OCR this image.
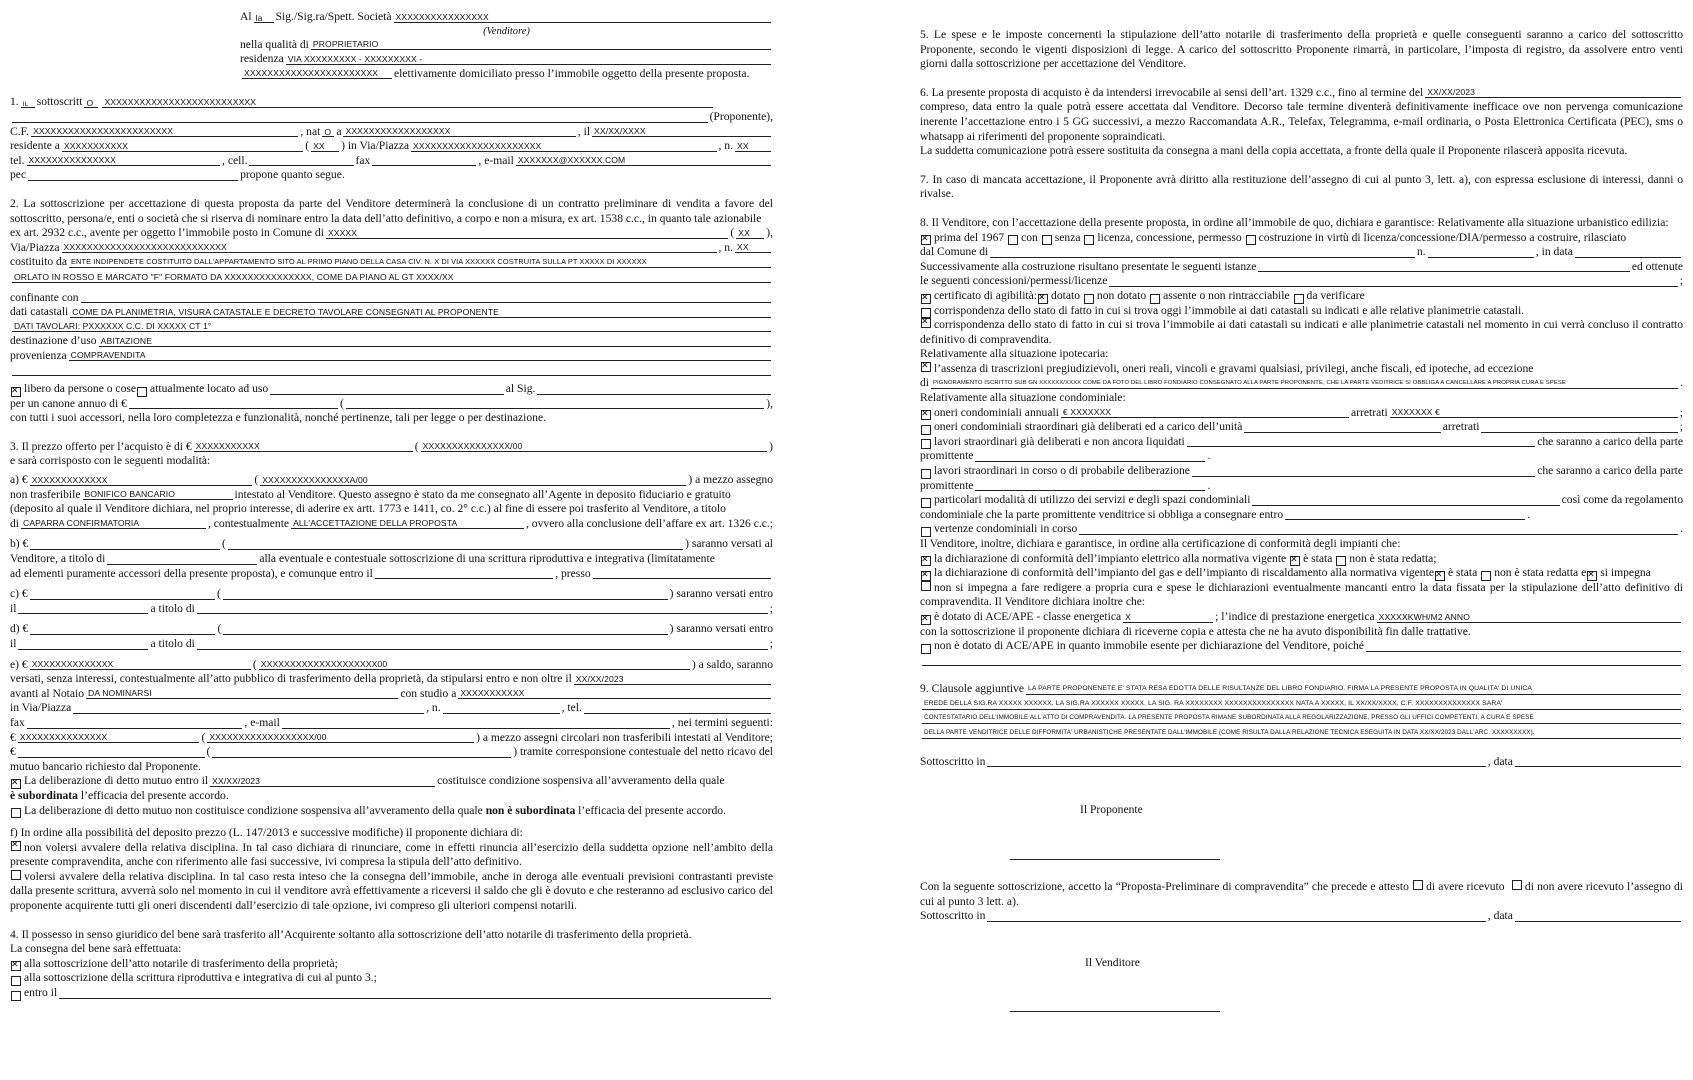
Al la	Sig./Sig.ra/Spett. Società XXXXXXXXXXXXXXXX
(Venditore)
nella qualità di PROPRIETARIO
residenza VIA XXXXXXXXX - XXXXXXXXX -
XXXXXXXXXXXXXXXXXXXXXXX elettivamente domiciliato presso l’immobile oggetto della presente proposta.
1. IL sottoscritt O	XXXXXXXXXXXXXXXXXXXXXXXXXX
(Proponente),
C.F. XXXXXXXXXXXXXXXXXXXXXXXX	, nat O a XXXXXXXXXXXXXXXXXX	, il XX/XX/XXXX
residente a XXXXXXXXXXX	( XX ) in Via/Piazza XXXXXXXXXXXXXXXXXXXXXX	, n. XX
tel. XXXXXXXXXXXXXXX	, cell.	fax	, e-mail XXXXXXX@XXXXXX.COM
pec	propone quanto segue.

2. La sottoscrizione per accettazione di questa proposta da parte del Venditore determinerà la conclusione di un contratto preliminare di vendita a favore del sottoscritto, persona/e, enti o società che si riserva di nominare entro la data dell’atto definitivo, a corpo e non a misura, ex art. 1538 c.c., in quanto tale azionabile

ex art. 2932 c.c., avente per oggetto l’immobile posto in Comune di XXXXX	( XX ),
Via/Piazza XXXXXXXXXXXXXXXXXXXXXXXXXXXX	, n. XX
costituito da ENTE INDIPENDETE COSTITUITO DALL’APPARTAMENTO SITO AL PRIMO PIANO DELLA CASA CIV. N. X DI VIA XXXXXX COSTRUITA SULLA PT XXXXX DI XXXXXX
ORLATO IN ROSSO E MARCATO "F" FORMATO DA XXXXXXXXXXXXXXX, COME DA PIANO AL GT XXXX/XX
confinante con
dati catastali COME DA PLANIMETRIA, VISURA CATASTALE E DECRETO TAVOLARE CONSEGNATI AL PROPONENTE
DATI TAVOLARI: PXXXXXX C.C. DI XXXXX CT 1°
destinazione d’uso ABITAZIONE
provenienza COMPRAVENDITA
✕
libero da persone o cose attualmente locato ad uso	al Sig.
per un canone annuo di €	(	),
con tutti i suoi accessori, nella loro completezza e funzionalità, nonché pertinenze, tali per legge o per destinazione.
3. Il prezzo offerto per l’acquisto è di € XXXXXXXXXXX	( XXXXXXXXXXXXXXX/00	)
e sarà corrisposto con le seguenti modalità:
a) € XXXXXXXXXXXXX	( XXXXXXXXXXXXXXXA/00	) a mezzo assegno
non trasferibile BONIFICO BANCARIO	intestato al Venditore. Questo assegno è stato da me consegnato all’Agente in deposito fiduciario e gratuito

(deposito al quale il Venditore dichiara, nel proprio interesse, di aderire ex artt. 1773 e 1411, co. 2° c.c.) al fine di essere poi trasferito al Venditore, a titolo

di CAPARRA CONFIRMATORIA	, contestualmente ALL’ACCETTAZIONE DELLA PROPOSTA	, ovvero alla conclusione dell’affare ex art. 1326 c.c.;
b) €	(	) saranno versati al
Venditore, a titolo di	alla eventuale e contestuale sottoscrizione di una scrittura riproduttiva e integrativa (limitatamente
ad elementi puramente accessori della presente proposta), e comunque entro il	, presso
c) €	(	) saranno versati entro
il	a titolo di	;
d) €	(	) saranno versati entro
il	a titolo di	;
e) € XXXXXXXXXXXXXX	( XXXXXXXXXXXXXXXXXXXX00	) a saldo, saranno
versati, senza interessi, contestualmente all’atto pubblico di trasferimento della proprietà, da stipularsi entro e non oltre il XX/XX/2023
avanti al Notaio DA NOMINARSI	con studio a XXXXXXXXXXX
in Via/Piazza	, n.	, tel.
fax	, e-mail	, nei termini seguenti:
€ XXXXXXXXXXXXXXX	( XXXXXXXXXXXXXXXXXX/00	) a mezzo assegni circolari non trasferibili intestati al Venditore;
€	(	) tramite corresponsione contestuale del netto ricavo del
mutuo bancario richiesto dal Proponente.
✕
La deliberazione di detto mutuo entro il XX/XX/2023	costituisce condizione sospensiva all’avveramento della quale
è subordinata
l’efficacia del presente accordo.
La deliberazione di detto mutuo non costituisce condizione sospensiva all’avveramento della quale
non è subordinata
l’efficacia del presente accordo.
f) In ordine alla possibilità del deposito prezzo (L. 147/2013 e successive modifiche) il proponente dichiara di:

✕non volersi avvalere della relativa disciplina. In tal caso dichiara di rinunciare, come in effetti rinuncia all’esercizio della suddetta opzione nell’ambito della presente compravendita, anche con riferimento alle fasi successive, ivi compresa la stipula dell’atto definitivo.

volersi avvalere della relativa disciplina. In tal caso resta inteso che la consegna dell’immobile, anche in deroga alle eventuali previsioni contrastanti previste dalla presente scrittura, avverrà solo nel momento in cui il venditore avrà effettivamente a riceversi il saldo che gli è dovuto e che resteranno ad esclusivo carico del proponente acquirente tutti gli oneri discendenti dall’esercizio di tale opzione, ivi compreso gli ulteriori compensi notarili.

4. Il possesso in senso giuridico del bene sarà trasferito all’Acquirente soltanto alla sottoscrizione dell’atto notarile di trasferimento della proprietà.

La consegna del bene sarà effettuata:
✕
alla sottoscrizione dell’atto notarile di trasferimento della proprietà;
alla sottoscrizione della scrittura riproduttiva e integrativa di cui al punto 3.;
entro il

5. Le spese e le imposte concernenti la stipulazione dell’atto notarile di trasferimento della proprietà e quelle conseguenti saranno a carico del sottoscritto Proponente, secondo le vigenti disposizioni di legge. A carico del sottoscritto Proponente rimarrà, in particolare, l’imposta di registro, da assolvere entro venti giorni dalla sottoscrizione per accettazione del Venditore.

6. La presente proposta di acquisto è da intendersi irrevocabile ai sensi dell’art. 1329 c.c., fino al termine del XX/XX/2023

compreso, data entro la quale potrà essere accettata dal Venditore. Decorso tale termine diventerà definitivamente inefficace ove non pervenga comunicazione inerente l’accettazione entro i 5 GG successivi, a mezzo Raccomandata A.R., Telefax, Telegramma, e-mail ordinaria, o Posta Elettronica Certificata (PEC), sms o whatsapp ai riferimenti del proponente sopraindicati.

La suddetta comunicazione potrà essere sostituita da consegna a mani della copia accettata, a fronte della quale il Proponente rilascerà apposita ricevuta.

7. In caso di mancata accettazione, il Proponente avrà diritto alla restituzione dell’assegno di cui al punto 3, lett. a), con espressa esclusione di interessi, danni o rivalse.

8. Il Venditore, con l’accettazione della presente proposta, in ordine all’immobile de quo, dichiara e garantisce: Relativamente alla situazione urbanistico edilizia:

✕
prima del 1967
con
senza
licenza, concessione, permesso
costruzione in virtù di licenza/concessione/DIA/permesso a costruire, rilasciato
dal Comune di	n.	, in data
Successivamente alla costruzione risultano presentate le seguenti istanze	ed ottenute
le seguenti concessioni/permessi/licenze	;
✕
certificato di agibilità: ✕ dotato
non dotato
assente o non rintracciabile
da verificare
corrispondenza dello stato di fatto in cui si trova oggi l’immobile ai dati catastali su indicati e alle relative planimetrie catastali.

✕corrispondenza dello stato di fatto in cui si trova l’immobile ai dati catastali su indicati e alle planimetrie catastali nel momento in cui verrà concluso il contratto definitivo di compravendita.

Relativamente alla situazione ipotecaria:

✕l’assenza di trascrizioni pregiudizievoli, oneri reali, vincoli e gravami qualsiasi, privilegi, anche fiscali, ed ipoteche, ad eccezione

di PIGNORAMENTO ISCRITTO SUB GN XXXXXX/XXXX COME DA FOTO DEL LIBRO FONDIARIO CONSEGNATO ALLA PARTE PROPONENTE, CHE LA PARTE VEDITRICE SI OBBLIGA A CANCELLARE A PROPRIA CURA E SPESE	.
Relativamente alla situazione condominiale:
✕
oneri condominiali annuali € XXXXXXX	arretrati XXXXXXX €	;
oneri condominiali straordinari già deliberati ed a carico dell’unità	arretrati	;
lavori straordinari già deliberati e non ancora liquidati	che saranno a carico della parte
promittente	.
lavori straordinari in corso o di probabile deliberazione	che saranno a carico della parte
promittente	.
particolari modalità di utilizzo dei servizi e degli spazi condominiali	così come da regolamento
condominiale che la parte promittente venditrice si obbliga a consegnare entro	.
vertenze condominiali in corso	.
Il Venditore, inoltre, dichiara e garantisce, in ordine alla certificazione di conformità degli impianti che:
✕
la dichiarazione di conformità dell’impianto elettrico alla normativa vigente
✕ è stata
non è stata redatta;
✕
la dichiarazione di conformità dell’impianto del gas e dell’impianto di riscaldamento alla normativa vigente ✕ è stata
non è stata redatta e ✕ si impegna

non si impegna a fare redigere a propria cura e spese le dichiarazioni eventualmente mancanti entro la data fissata per la stipulazione dell’atto definitivo di compravendita. Il Venditore dichiara inoltre che:

✕
è dotato di ACE/APE - classe energetica X	; l’indice di prestazione energetica XXXXXKWH/M2 ANNO
con la sottoscrizione il proponente dichiara di riceverne copia e attesta che ne ha avuto disponibilità fin dalle trattative.
non è dotato di ACE/APE in quanto immobile esente per dichiarazione del Venditore, poiché
9. Clausole aggiuntive LA PARTE PROPONENETE E' STATA RESA EDOTTA DELLE RISULTANZE DEL LIBRO FONDIARIO. FIRMA LA PRESENTE PROPOSTA IN QUALITA' DI UNICA
EREDE DELLA SIG.RA XXXXX XXXXXX, LA SIG.RA XXXXXX XXXXX. LA SIG. RA XXXXXXXX XXXXXXXXXXXXXXX NATA A XXXXX, IL XX/XX/XXXX, C.F. XXXXXXXXXXXXXX SARA'
CONTESTATARIO DELL'IMMOBILE ALL'ATTO DI COMPRAVENDITA. LA PRESENTE PROPOSTA RIMANE SUBORDINATA ALLA REGOLARIZZAZIONE, PRESSO GLI UFFICI COMPETENTI, A CURA E SPESE
DELLA PARTE VENDITRICE DELLE DIFFORMITA' URBANISTICHE PRESENTATE DALL'IMMOBILE (COME RISULTA DALLA RELAZIONE TECNICA ESEGUITA IN DATA XX/XX/2023 DALL'ARC. XXXXXXXXX).
Sottoscritto in	, data
Il Proponente

Con la seguente sottoscrizione, accetto la “Proposta-Preliminare di compravendita” che precede e attesto di avere ricevuto di non avere ricevuto l’assegno di cui al punto 3 lett. a).

Sottoscritto in	, data
Il Venditore
